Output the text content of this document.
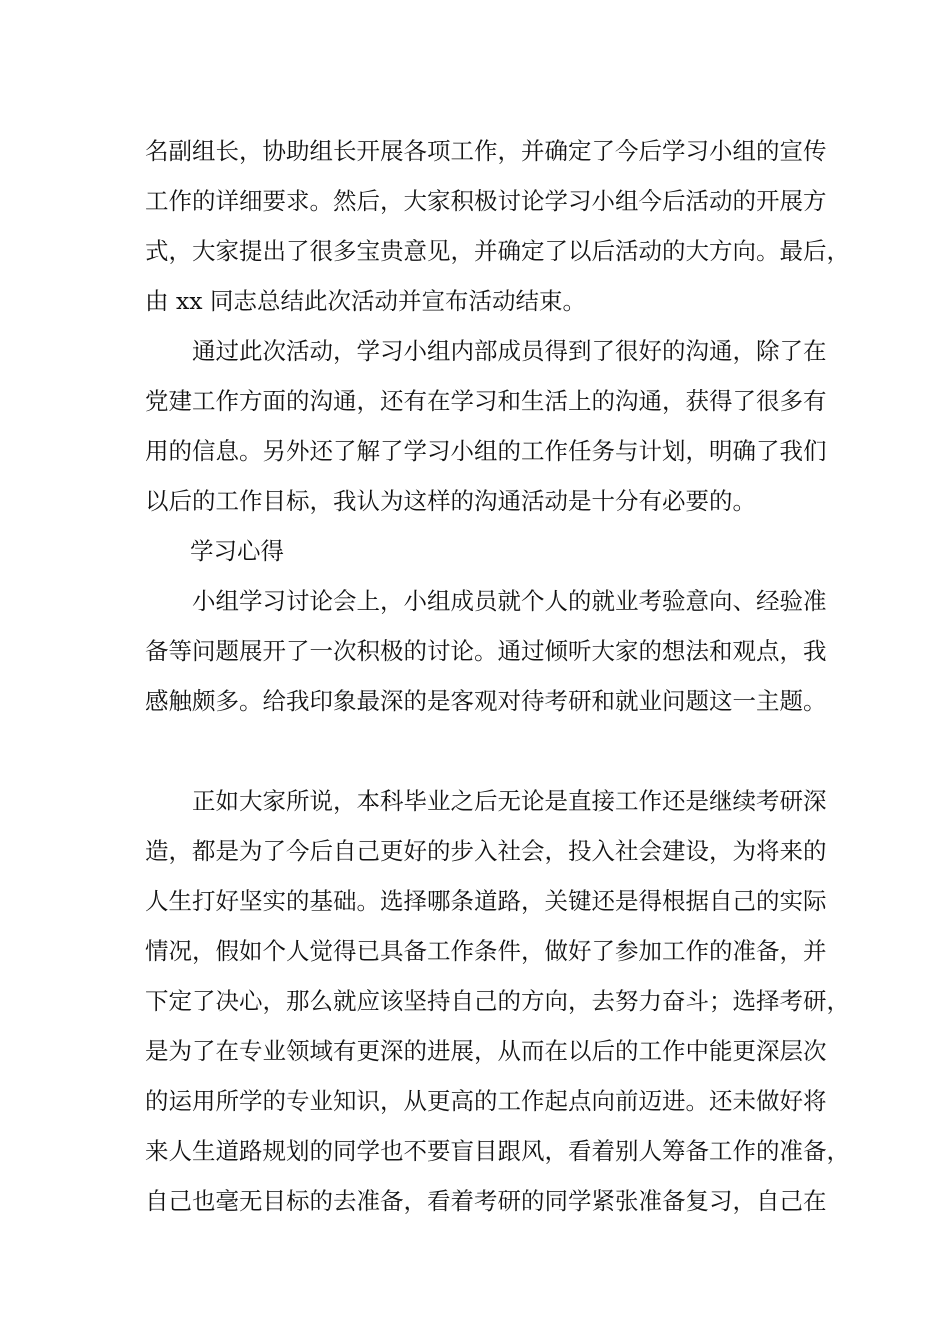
名副组长，协助组长开展各项工作，并确定了今后学习小组的宣传
工作的详细要求。然后，大家积极讨论学习小组今后活动的开展方
式，大家提出了很多宝贵意见，并确定了以后活动的大方向。最后，
由 xx 同志总结此次活动并宣布活动结束。
通过此次活动，学习小组内部成员得到了很好的沟通，除了在
党建工作方面的沟通，还有在学习和生活上的沟通，获得了很多有
用的信息。另外还了解了学习小组的工作任务与计划，明确了我们
以后的工作目标，我认为这样的沟通活动是十分有必要的。
学习心得
小组学习讨论会上，小组成员就个人的就业考验意向、经验准
备等问题展开了一次积极的讨论。通过倾听大家的想法和观点，我
感触颇多。给我印象最深的是客观对待考研和就业问题这一主题。
正如大家所说，本科毕业之后无论是直接工作还是继续考研深
造，都是为了今后自己更好的步入社会，投入社会建设，为将来的
人生打好坚实的基础。选择哪条道路，关键还是得根据自己的实际
情况，假如个人觉得已具备工作条件，做好了参加工作的准备，并
下定了决心，那么就应该坚持自己的方向，去努力奋斗；选择考研，
是为了在专业领域有更深的进展，从而在以后的工作中能更深层次
的运用所学的专业知识，从更高的工作起点向前迈进。还未做好将
来人生道路规划的同学也不要盲目跟风，看着别人筹备工作的准备，
自己也毫无目标的去准备，看着考研的同学紧张准备复习，自己在
